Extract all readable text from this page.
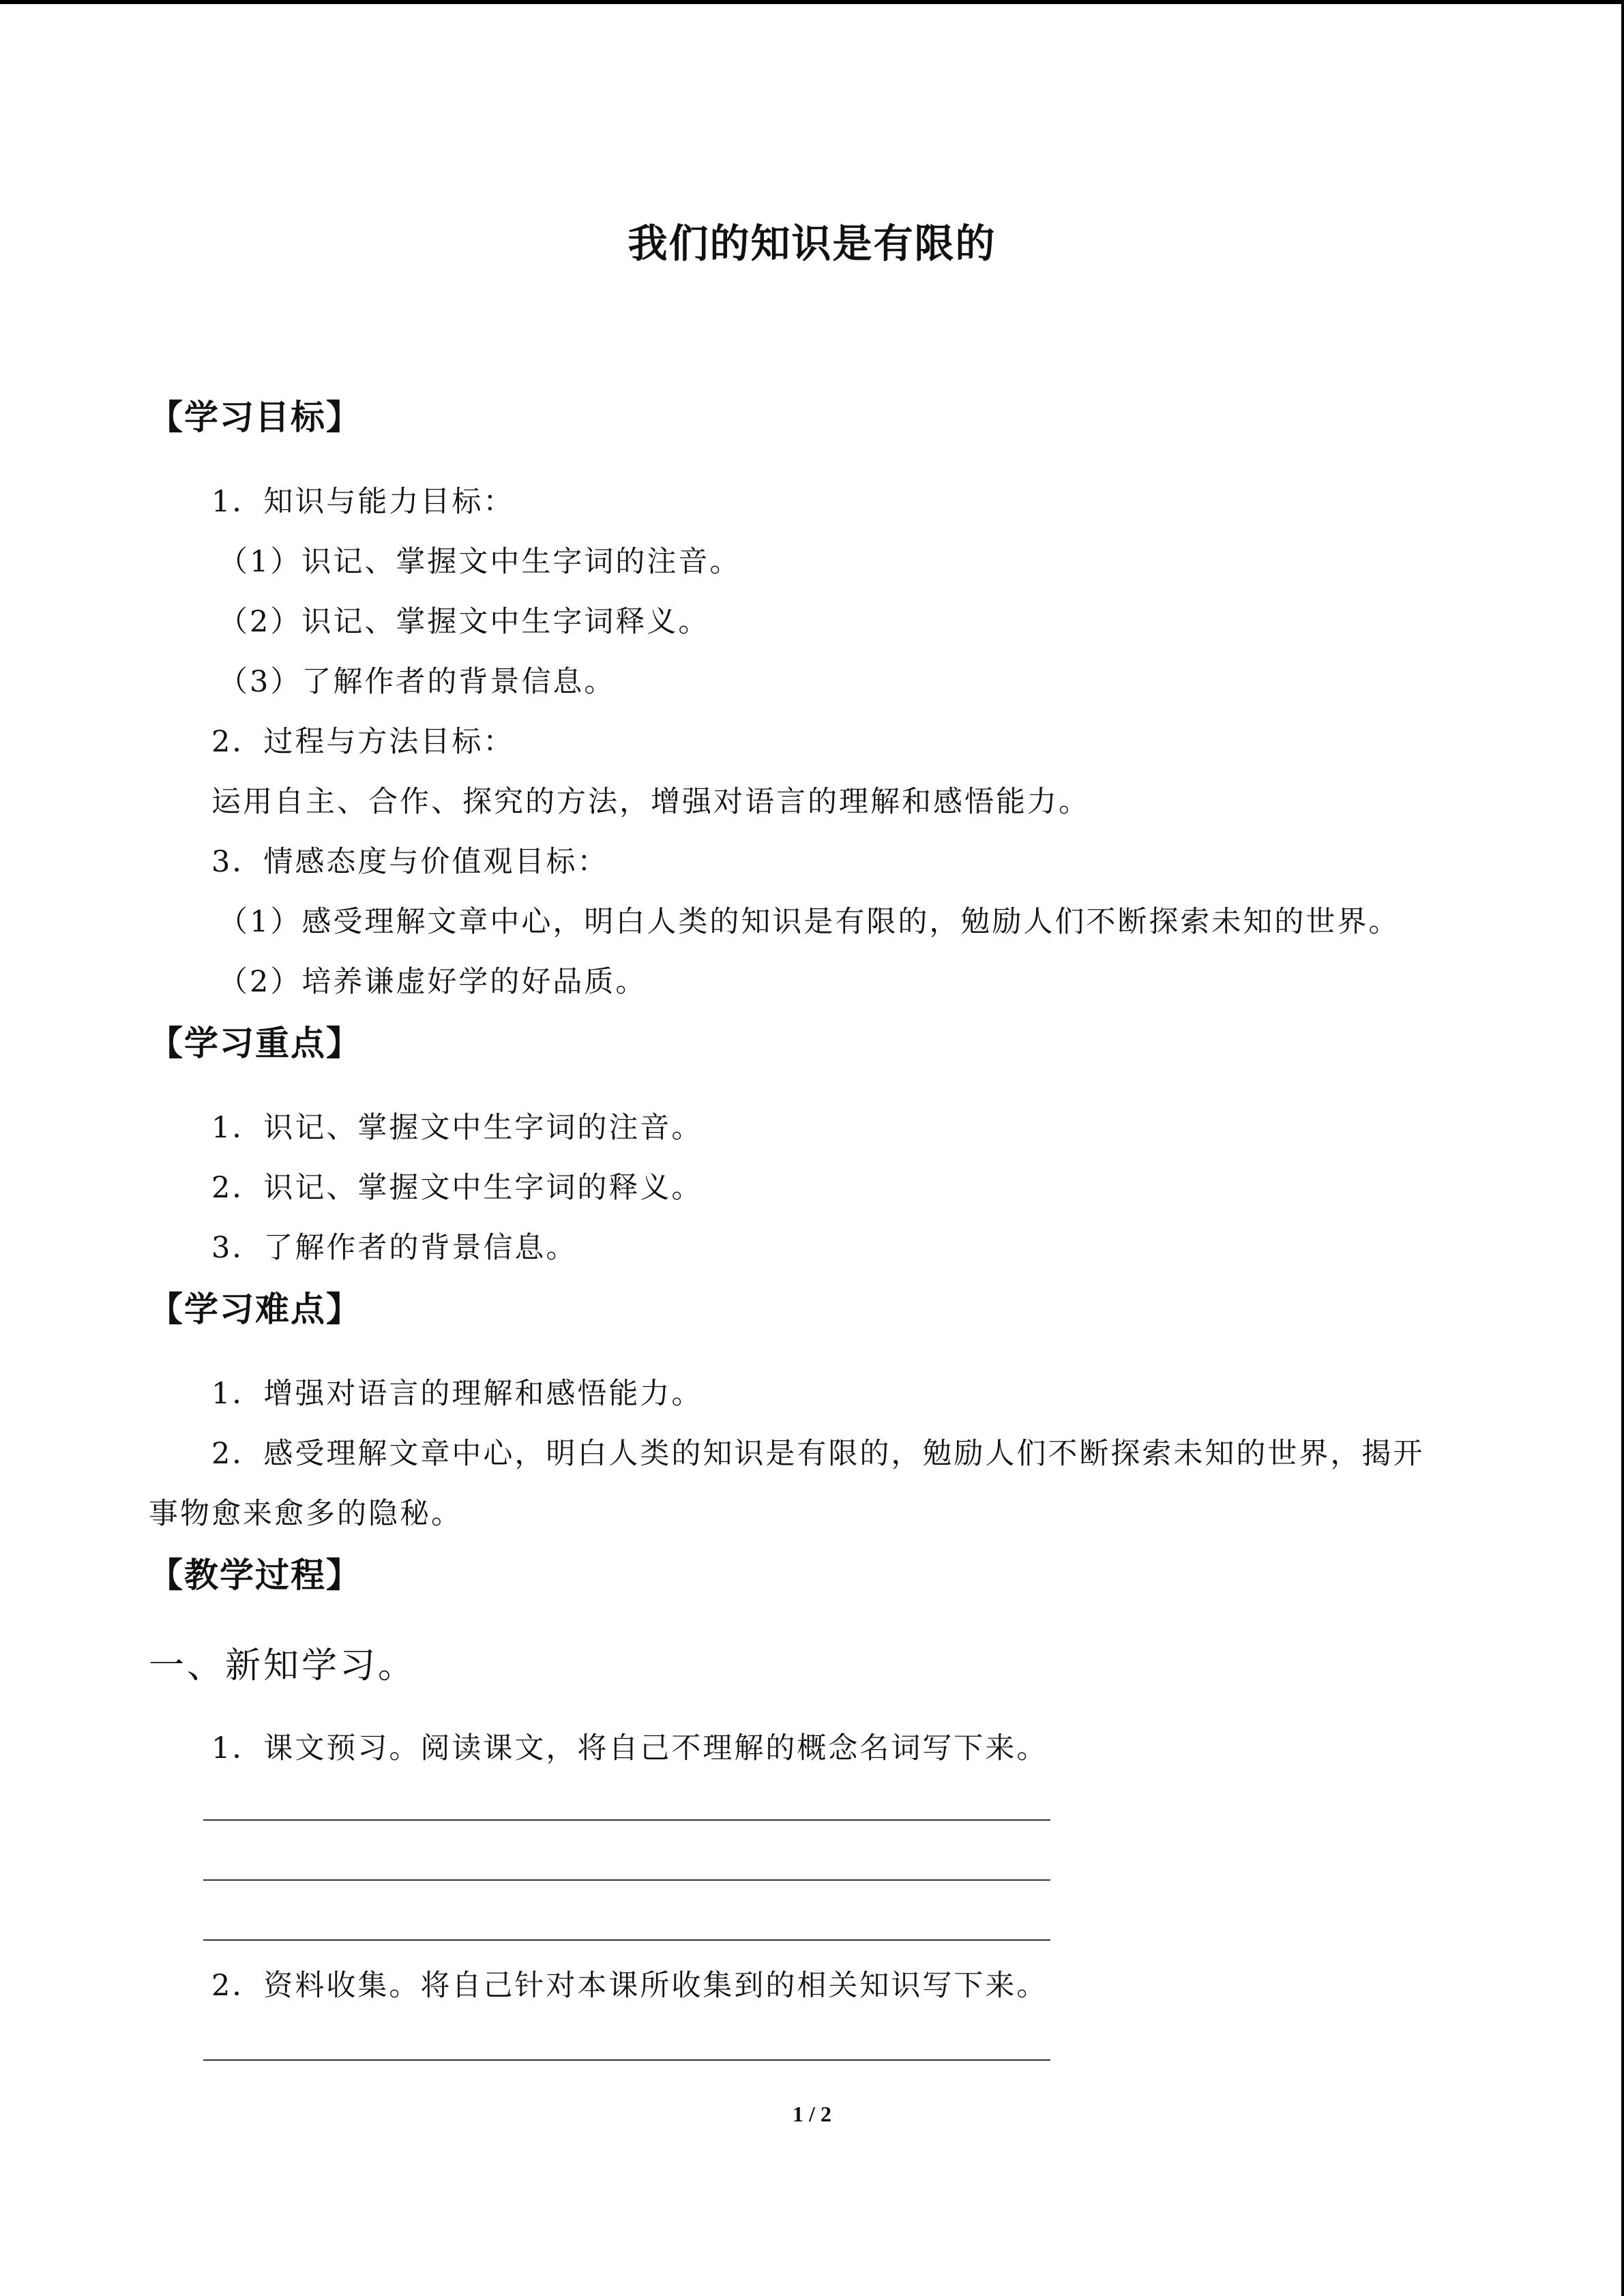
我们的知识是有限的
【学习目标】
1．知识与能力目标：
（1）识记、掌握文中生字词的注音。
（2）识记、掌握文中生字词释义。
（3）了解作者的背景信息。
2．过程与方法目标：
运用自主、合作、探究的方法，增强对语言的理解和感悟能力。
3．情感态度与价值观目标：
（1）感受理解文章中心，明白人类的知识是有限的，勉励人们不断探索未知的世界。
（2）培养谦虚好学的好品质。
【学习重点】
1．识记、掌握文中生字词的注音。
2．识记、掌握文中生字词的释义。
3．了解作者的背景信息。
【学习难点】
1．增强对语言的理解和感悟能力。
2．感受理解文章中心，明白人类的知识是有限的，勉励人们不断探索未知的世界，揭开
事物愈来愈多的隐秘。
【教学过程】
一、新知学习。
1．课文预习。阅读课文，将自己不理解的概念名词写下来。
2．资料收集。将自己针对本课所收集到的相关知识写下来。
1 / 2
